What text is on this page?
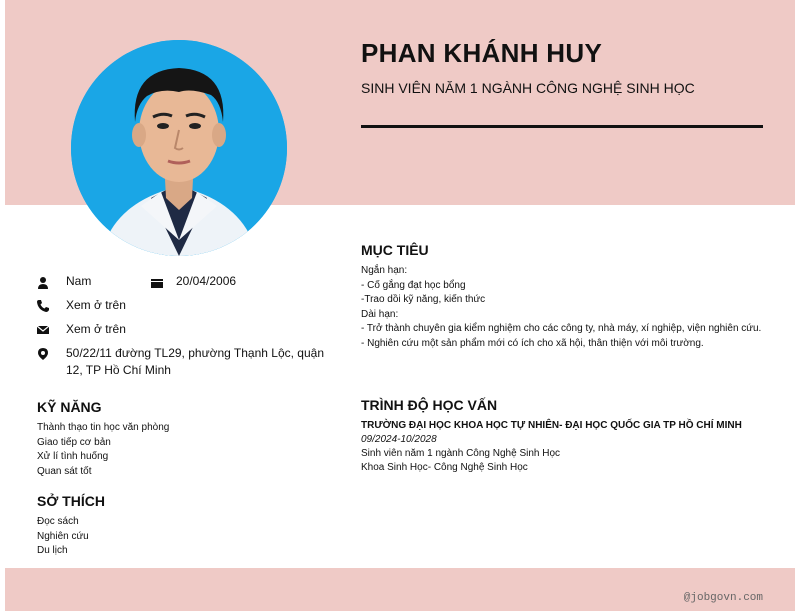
PHAN KHÁNH HUY
SINH VIÊN NĂM 1 NGÀNH CÔNG NGHỆ SINH HỌC
Nam	20/04/2006
Xem ở trên
Xem ở trên
50/22/11 đường TL29, phường Thạnh Lộc, quận 12, TP Hồ Chí Minh
KỸ NĂNG
Thành thạo tin học văn phòng
Giao tiếp cơ bản
Xử lí tình huống
Quan sát tốt
SỞ THÍCH
Đọc sách
Nghiên cứu
Du lịch
MỤC TIÊU
Ngắn hạn:
- Cố gắng đạt học bổng
-Trao dồi kỹ năng, kiến thức
Dài hạn:
- Trở thành chuyên gia kiểm nghiệm cho các công ty, nhà máy, xí nghiệp, viện nghiên cứu.
- Nghiên cứu một sản phẩm mới có ích cho xã hội, thân thiện với môi trường.
TRÌNH ĐỘ HỌC VẤN
TRƯỜNG ĐẠI HỌC KHOA HỌC TỰ NHIÊN- ĐẠI HỌC QUỐC GIA TP HỒ CHÍ MINH
09/2024-10/2028
Sinh viên năm 1 ngành Công Nghệ Sinh Học
Khoa Sinh Học- Công Nghệ Sinh Học
@jobgovn.com
